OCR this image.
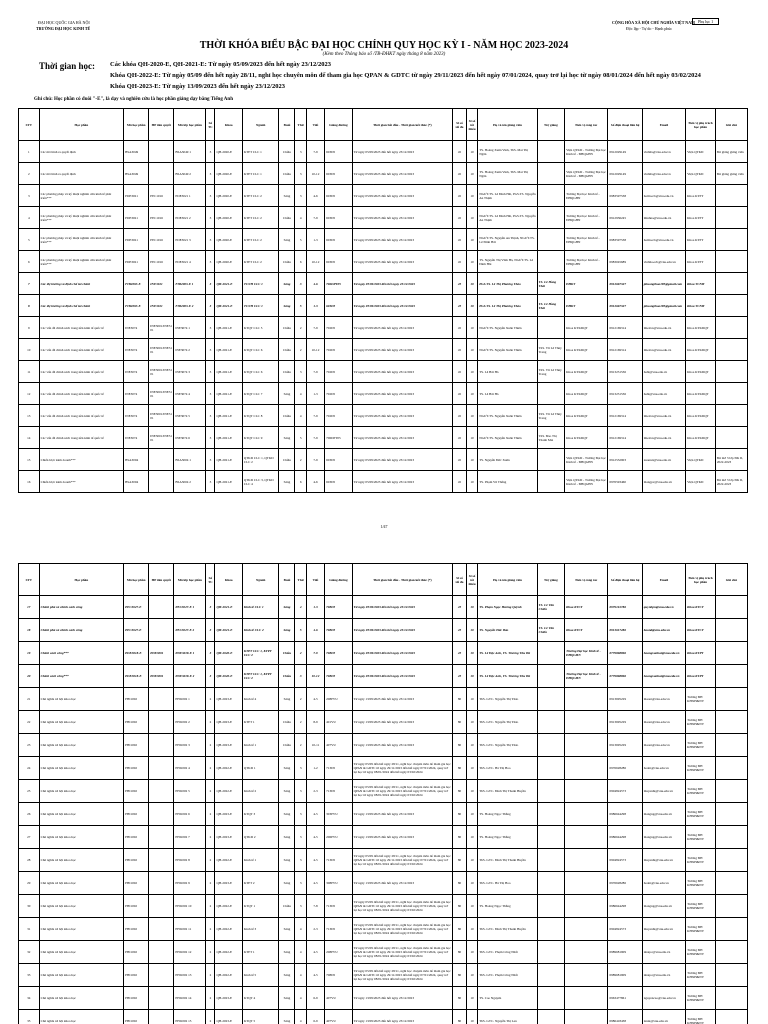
ĐẠI HỌC QUỐC GIA HÀ NỘI
TRƯỜNG ĐẠI HỌC KINH TẾ
CỘNG HÒA XÃ HỘI CHỦ NGHĨA VIỆT NAM
Độc lập - Tự do - Hạnh phúc
Phụ lục 1
THỜI KHÓA BIỂU BẬC ĐẠI HỌC CHÍNH QUY HỌC KỲ I - NĂM HỌC 2023-2024
(Kèm theo Thông báo số /TB-ĐHKT ngày tháng 8 năm 2023)
Thời gian học: Các khóa QH-2020-E, QH-2021-E: Từ ngày 05/09/2023 đến hết ngày 23/12/2023
Khóa QH-2022-E: Từ ngày 05/09 đến hết ngày 28/11, nghỉ học chuyên môn để tham gia học QPAN & GDTC từ ngày 29/11/2023 đến hết ngày 07/01/2024, quay trở lại học từ ngày 08/01/2024 đến hết ngày 03/02/2024
Khóa QH-2023-E: Từ ngày 13/09/2023 đến hết ngày 23/12/2023
Ghi chú: Học phần có đuôi "-E", là dạy và nghiên cứu là học phần giảng dạy bằng Tiếng Anh
STT	Học phần	Mã học phần	HP tiên quyết	Mã lớp học phần	Số TC	Khóa	Ngành	Buổi	Thứ	Tiết	Giảng đường	Thời gian bắt đầu - Thời gian kết thúc (*)	Sĩ số tối đa	Sĩ số tối thiểu	Họ và tên giảng viên	Trợ giảng	Đơn vị công tác	Số điện thoại liên hệ	Email	Đơn vị phụ trách học phần	Ghi chú
1	Các mô hình ra quyết định	BSA3049		BSA3049 1	3	QH-2020-E	KTPT CLC 1	Chiều	3	7-9	603D5	Từ ngày 05/09/2023 đến hết ngày 23/12/2023	45	10	TS. Hoàng Xuân Vinh, ThS. Mai Thị Ngân		Viện QTKD - Trường Đại học Kinh tế - ĐHQGHN	0912029149	vinhhx@vnu.edu.vn	Viện QTKD	Đủ giảng giảng viên
2	Các mô hình ra quyết định	BSA3049		BSA3049 2	3	QH-2020-E	KTPT CLC 1	Chiều	3	10-12	603D5	Từ ngày 05/09/2023 đến hết ngày 23/12/2023	45	10	TS. Hoàng Xuân Vinh, ThS. Mai Thị Ngân		Viện QTKD - Trường Đại học Kinh tế - ĐHQGHN	0912029149	vinhhx@vnu.edu.vn	Viện QTKD	Đủ giảng giảng viên
3	Các phương pháp và kỹ thuật nghiên cứu kinh tế phát triển***	PDE3021	PEC1016	PDE3021 1	3	QH-2020-E	KTPT CLC 2	Sáng	3	4-6	603D5	Từ ngày 05/09/2023 đến hết ngày 23/12/2023	45	10	NGƯT.TS. Lê Đình Hải, PGS.TS. Nguyễn An Thịnh		Trường Đại học Kinh tế - ĐHQGHN	0983597538	haild.ecb@vnu.edu.vn	Khoa KTPT	
4	Các phương pháp và kỹ thuật nghiên cứu kinh tế phát triển***	PDE3021	PEC1016	PDE3021 2	3	QH-2020-E	KTPT CLC 2	Chiều	4	7-9	603D5	Từ ngày 05/09/2023 đến hết ngày 23/12/2023	45	10	NGƯT.TS. Lê Đình Hải, PGS.TS. Nguyễn An Thịnh		Trường Đại học Kinh tế - ĐHQGHN	0912936245	thinhna@vnu.edu.vn	Khoa KTPT	
5	Các phương pháp và kỹ thuật nghiên cứu kinh tế phát triển***	PDE3021	PEC1016	PDE3021 3	3	QH-2020-E	KTPT CLC 2	Sáng	5	1-3	603D5	Từ ngày 05/09/2023 đến hết ngày 23/12/2023	45	10	NGƯT.TS. Nguyễn An Thịnh, NGƯT.TS. Lê Đình Hải		Trường Đại học Kinh tế - ĐHQGHN	0983597538	haild.ecb@vnu.edu.vn	Khoa KTPT	
6	Các phương pháp và kỹ thuật nghiên cứu kinh tế phát triển***	PDE3021	PEC1016	PDE3021 4	3	QH-2020-E	KTPT CLC 2	Chiều	6	10-12	603D5	Từ ngày 05/09/2023 đến hết ngày 23/12/2023	45	10	TS. Nguyễn Thị Vĩnh Hà, NGƯT.TS. Lê Đình Hải		Trường Đại học Kinh tế - ĐHQGHN	0983045689	vinhha.ecb@vnu.edu.vn	Khoa KTPT	
7	Các thị trường và định chế tài chính	FIB2003-E	INE3101	FIB2003-E 1	3	QH-2021-E	TCNH CLC 1	Sáng	3	4-6	706DPT05	Từ ngày 05/09/2023 đến hết ngày 23/12/2023	45	10	PGS.TS. Lê Thị Phương Thảo	TS. Lê Hồng Thái	ĐHKT	0912667327	phuongthao185@gmail.com	Khoa TCNH	
8	Các thị trường và định chế tài chính	FIB2003-E	INE3101	FIB2003-E 2	3	QH-2021-E	TCNH CLC 1	Sáng	5	1-3	603D5	Từ ngày 05/09/2023 đến hết ngày 23/12/2023	45	10	PGS.TS. Lê Thị Phương Thảo	TS. Lê Hồng Thái	ĐHKT	0912667327	phuongthao185@gmail.com	Khoa TCNH	
9	Các vấn đề chính sách trong nền kinh tế quốc tế	INE3074	INE3001/INE3101	INE3074 1	3	QH-2021-E	KTQT CLC 5	Chiều	2	7-9	702D5	Từ ngày 05/09/2023 đến hết ngày 23/12/2023	45	10	NGƯT.TS. Nguyễn Xuân Thiên		Khoa KTKDQT	0912169314	thienvx@vnu.edu.vn	Khoa KTKDQT	
10	Các vấn đề chính sách trong nền kinh tế quốc tế	INE3074	INE3001/INE3101	INE3074 2	3	QH-2021-E	KTQT CLC 6	Chiều	2	10-12	702D5	Từ ngày 05/09/2023 đến hết ngày 23/12/2023	45	10	NGƯT.TS. Nguyễn Xuân Thiên	ThS. Vũ Lê Thùy Trang	Khoa KTKDQT	0912169314	thienvx@vnu.edu.vn	Khoa KTKDQT	
11	Các vấn đề chính sách trong nền kinh tế quốc tế	INE3074	INE3001/INE3101	INE3074 3	3	QH-2021-E	KTQT CLC 6	Chiều	3	7-9	702D5	Từ ngày 05/09/2023 đến hết ngày 23/12/2023	45	10	TS. Lê Hải Hà	ThS. Vũ Lê Thùy Trang	Khoa KTKDQT	0913231536	hahl@vnu.edu.vn	Khoa KTKDQT	
12	Các vấn đề chính sách trong nền kinh tế quốc tế	INE3074	INE3001/INE3101	INE3074 4	3	QH-2021-E	KTQT CLC 7	Sáng	4	1-3	702D5	Từ ngày 05/09/2023 đến hết ngày 23/12/2023	45	10	TS. Lê Hải Hà		Khoa KTKDQT	0913231536	hahl@vnu.edu.vn	Khoa KTKDQT	
13	Các vấn đề chính sách trong nền kinh tế quốc tế	INE3074	INE3001/INE3101	INE3074 5	3	QH-2021-E	KTQT CLC 8	Chiều	4	7-9	702D5	Từ ngày 05/09/2023 đến hết ngày 23/12/2023	45	10	NGƯT.TS. Nguyễn Xuân Thiên	ThS. Vũ Lê Thùy Trang	Khoa KTKDQT	0912169314	thienvx@vnu.edu.vn	Khoa KTKDQT	
14	Các vấn đề chính sách trong nền kinh tế quốc tế	INE3074	INE3001/INE3101	INE3074 6	3	QH-2021-E	KTQT CLC 9	Sáng	5	7-9	706DPT05	Từ ngày 05/09/2023 đến hết ngày 23/12/2023	45	10	NGƯT.TS. Nguyễn Xuân Thiên	ThS. Đào Thị Thanh Mai	Khoa KTKDQT	0912169314	thienvx@vnu.edu.vn	Khoa KTKDQT	
15	Chiến lược kinh doanh***	BSA3004		BSA3004 1	3	QH-2021-E	QTKD CLC 1, QTKD CLC 2	Chiều	2	7-9	603D5	Từ ngày 05/09/2023 đến hết ngày 23/12/2023	45	10	TS. Nguyễn Đức Xuân		Viện QTKD - Trường Đại học Kinh tế - ĐHQGHN	0912532903	xuannd@vnu.edu.vn	Viện QTKD	Đủ mở 3 lớp ĐK II, 2022-2023
16	Chiến lược kinh doanh***	BSA3004		BSA3004 2	3	QH-2021-E	QTKD CLC 3, QTKD CLC 4	Sáng	6	4-6	603D5	Từ ngày 05/09/2023 đến hết ngày 23/12/2023	45	10	TS. Phạm Vũ Thắng		Viện QTKD - Trường Đại học Kinh tế - ĐHQGHN	0976593460	thangpv@vnu.edu.vn	Viện QTKD	Đủ mở 3 lớp ĐK II, 2022-2023
1/47
STT	Học phần	Mã học phần	HP tiên quyết	Mã lớp học phần	Số TC	Khóa	Ngành	Buổi	Thứ	Tiết	Giảng đường	Thời gian bắt đầu - Thời gian kết thúc (*)	Sĩ số tối đa	Sĩ số tối thiểu	Họ và tên giảng viên	Trợ giảng	Đơn vị công tác	Số điện thoại liên hệ	Email	Đơn vị phụ trách học phần	Ghi chú
17	Chính phủ và chính sách công	PEC3027-E		PEC3027-E 1	3	QH-2021-E	Kinh tế CLC 1	Sáng	4	1-3	708D5	Từ ngày 05/09/2023 đến hết ngày 23/12/2023	45	10	TS. Phạm Ngọc Hương Quỳnh	TS. Lê Văn Chiến	Khoa KTCT	0979161786	quynhpn@vnu.edu.vn	Khoa KTCT	
18	Chính phủ và chính sách công	PEC3027-E		PEC3027-E 2	3	QH-2021-E	Kinh tế CLC 2	Sáng	5	4-6	708D5	Từ ngày 05/09/2023 đến hết ngày 23/12/2023	45	10	TS. Nguyễn Đức Bảo	TS. Lê Văn Chiến	Khoa KTCT	0913617286	baond@vnu.edu.vn	Khoa KTCT	
19	Chính sách công***	PDE3018-E	PDE3001	PDE3018-E 1	3	QH-2020-E	KTPT CLC 1, KTPT CLC 2	Chiều	2	7-9	708D5	Từ ngày 05/09/2023 đến hết ngày 23/12/2023	45	10	TS. Lê Đặc Anh, TS. Trương Thu Hà		Trường Đại học Kinh tế - ĐHQGHN	0779868896	hoangvanhai@vnu.edu.vn	Khoa KTPT	
20	Chính sách công***	PDE3018-E	PDE3001	PDE3018-E 2	3	QH-2020-E	KTPT CLC 1, KTPT CLC 2	Chiều	3	10-12	708D5	Từ ngày 05/09/2023 đến hết ngày 23/12/2023	45	10	TS. Lê Đặc Anh, TS. Trương Thu Hà		Trường Đại học Kinh tế - ĐHQGHN	0779868896	hoangvanhai@vnu.edu.vn	Khoa KTPT	
21	Chủ nghĩa xã hội khoa học	PHI1002		PHI1002 1	2	QH-2023-E	Kinh tế 4	Sáng	2	4-5	208PVU	Từ ngày 13/09/2023 đến hết ngày 23/12/2023	80	10	ThS. GVC. Nguyễn Thị Thảo			0913695229	thaont@vnu.edu.vn	Trường ĐH KHXH&NV	
22	Chủ nghĩa xã hội khoa học	PHI1002		PHI1002 2	2	QH-2023-E	KTPT 1	Chiều	2	8-9	401VU	Từ ngày 13/09/2023 đến hết ngày 23/12/2023	80	10	ThS. GVC. Nguyễn Thị Thảo			0913695229	thaont@vnu.edu.vn	Trường ĐH KHXH&NV	
23	Chủ nghĩa xã hội khoa học	PHI1002		PHI1002 3	2	QH-2023-E	Kinh tế 1	Chiều	2	10-11	407VU	Từ ngày 13/09/2023 đến hết ngày 23/12/2023	80	10	ThS. GVC. Nguyễn Thị Thảo			0913695229	thaont@vnu.edu.vn	Trường ĐH KHXH&NV	
24	Chủ nghĩa xã hội khoa học	PHI1002		PHI1002 4	2	QH-2022-E	QTKD 1	Sáng	3	1-2	713D5	Từ ngày 05/09 đến hết ngày 28/11, nghỉ học chuyên môn để tham gia học QPAN & GDTC từ ngày 29/11/2023 đến hết ngày 07/01/2024, quay trở lại học từ ngày 08/01/2024 đến hết ngày 03/02/2024	80	10	ThS. GVC. Hà Thị Hoa			0976628286	hoaht@vnu.edu.vn	Trường ĐH KHXH&NV	
25	Chủ nghĩa xã hội khoa học	PHI1002		PHI1002 5	2	QH-2022-E	Kinh tế 2	Sáng	3	2-3	713D5	Từ ngày 05/09 đến hết ngày 28/11, nghỉ học chuyên môn để tham gia học QPAN & GDTC từ ngày 29/11/2023 đến hết ngày 07/01/2024, quay trở lại học từ ngày 08/01/2024 đến hết ngày 03/02/2024	80	10	ThS. GVC. Đinh Thị Thanh Huyền			0904824573	thuyenht@vnu.edu.vn	Trường ĐH KHXH&NV	
26	Chủ nghĩa xã hội khoa học	PHI1002		PHI1002 6	2	QH-2023-E	KTQT 3	Sáng	3	4-5	303PVU	Từ ngày 13/09/2023 đến hết ngày 23/12/2023	80	10	TS. Hoàng Ngọc Thắng			0986644298	thangng@vnu.edu.vn	Trường ĐH KHXH&NV	
27	Chủ nghĩa xã hội khoa học	PHI1002		PHI1002 7	2	QH-2023-E	QTKD 2	Sáng	3	4-5	206PVU	Từ ngày 13/09/2023 đến hết ngày 23/12/2023	80	10	TS. Hoàng Ngọc Thắng			0986644298	thangng@vnu.edu.vn	Trường ĐH KHXH&NV	
28	Chủ nghĩa xã hội khoa học	PHI1002		PHI1002 8	2	QH-2022-E	Kinh tế 1	Sáng	3	4-5	713D5	Từ ngày 05/09 đến hết ngày 28/11, nghỉ học chuyên môn để tham gia học QPAN & GDTC từ ngày 29/11/2023 đến hết ngày 07/01/2024, quay trở lại học từ ngày 08/01/2024 đến hết ngày 03/02/2024	80	10	ThS. GVC. Đinh Thị Thanh Huyền			0904824573	thuyenht@vnu.edu.vn	Trường ĐH KHXH&NV	
29	Chủ nghĩa xã hội khoa học	PHI1002		PHI1002 9	2	QH-2023-E	KTPT 2	Sáng	3	4-5	308PVU	Từ ngày 13/09/2023 đến hết ngày 23/12/2023	80	10	ThS. GVC. Hà Thị Hoa			0976628286	hoaht@vnu.edu.vn	Trường ĐH KHXH&NV	
30	Chủ nghĩa xã hội khoa học	PHI1002		PHI1002 10	2	QH-2022-E	KTQT 1	Chiều	3	7-8	713D5	Từ ngày 05/09 đến hết ngày 28/11, nghỉ học chuyên môn để tham gia học QPAN & GDTC từ ngày 29/11/2023 đến hết ngày 07/01/2024, quay trở lại học từ ngày 08/01/2024 đến hết ngày 03/02/2024	80	10	TS. Hoàng Ngọc Thắng			0986644298	thangng@vnu.edu.vn	Trường ĐH KHXH&NV	
31	Chủ nghĩa xã hội khoa học	PHI1002		PHI1002 11	2	QH-2022-E	Kinh tế 3	Sáng	4	2-3	713D5	Từ ngày 05/09 đến hết ngày 28/11, nghỉ học chuyên môn để tham gia học QPAN & GDTC từ ngày 29/11/2023 đến hết ngày 07/01/2024, quay trở lại học từ ngày 08/01/2024 đến hết ngày 03/02/2024	80	10	ThS. GVC. Đinh Thị Thanh Huyền			0904824573	thuyenht@vnu.edu.vn	Trường ĐH KHXH&NV	
32	Chủ nghĩa xã hội khoa học	PHI1002		PHI1002 12	2	QH-2022-E	KTPT 1	Sáng	4	4-5	208PVU	Từ ngày 05/09 đến hết ngày 28/11, nghỉ học chuyên môn để tham gia học QPAN & GDTC từ ngày 29/11/2023 đến hết ngày 07/01/2024, quay trở lại học từ ngày 08/01/2024 đến hết ngày 03/02/2024	80	10	ThS. GVC. Phạm Công Nhất			0989681909	nhatpc@vnu.edu.vn	Trường ĐH KHXH&NV	
33	Chủ nghĩa xã hội khoa học	PHI1002		PHI1002 13	2	QH-2022-E	Kinh tế 5	Sáng	4	4-5	708D5	Từ ngày 05/09 đến hết ngày 28/11, nghỉ học chuyên môn để tham gia học QPAN & GDTC từ ngày 29/11/2023 đến hết ngày 07/01/2024, quay trở lại học từ ngày 08/01/2024 đến hết ngày 03/02/2024	80	10	ThS. GVC. Phạm Công Nhất			0989681909	nhatpc@vnu.edu.vn	Trường ĐH KHXH&NV	
34	Chủ nghĩa xã hội khoa học	PHI1002		PHI1002 14	2	QH-2023-E	KTQT 4	Sáng	4	6-9	407VU	Từ ngày 13/09/2023 đến hết ngày 23/12/2023	80	10	TS. Cao Nguyên			0963477861	nguyencao@vnu.edu.vn	Trường ĐH KHXH&NV	
35	Chủ nghĩa xã hội khoa học	PHI1002		PHI1002 15	2	QH-2023-E	KTQT 5	Sáng	4	6-9	407VU	Từ ngày 13/09/2023 đến hết ngày 23/12/2023	80	10	ThS. GVC. Nguyễn Thị Lan			0986418438	lannt@vnu.edu.vn	Trường ĐH KHXH&NV	
